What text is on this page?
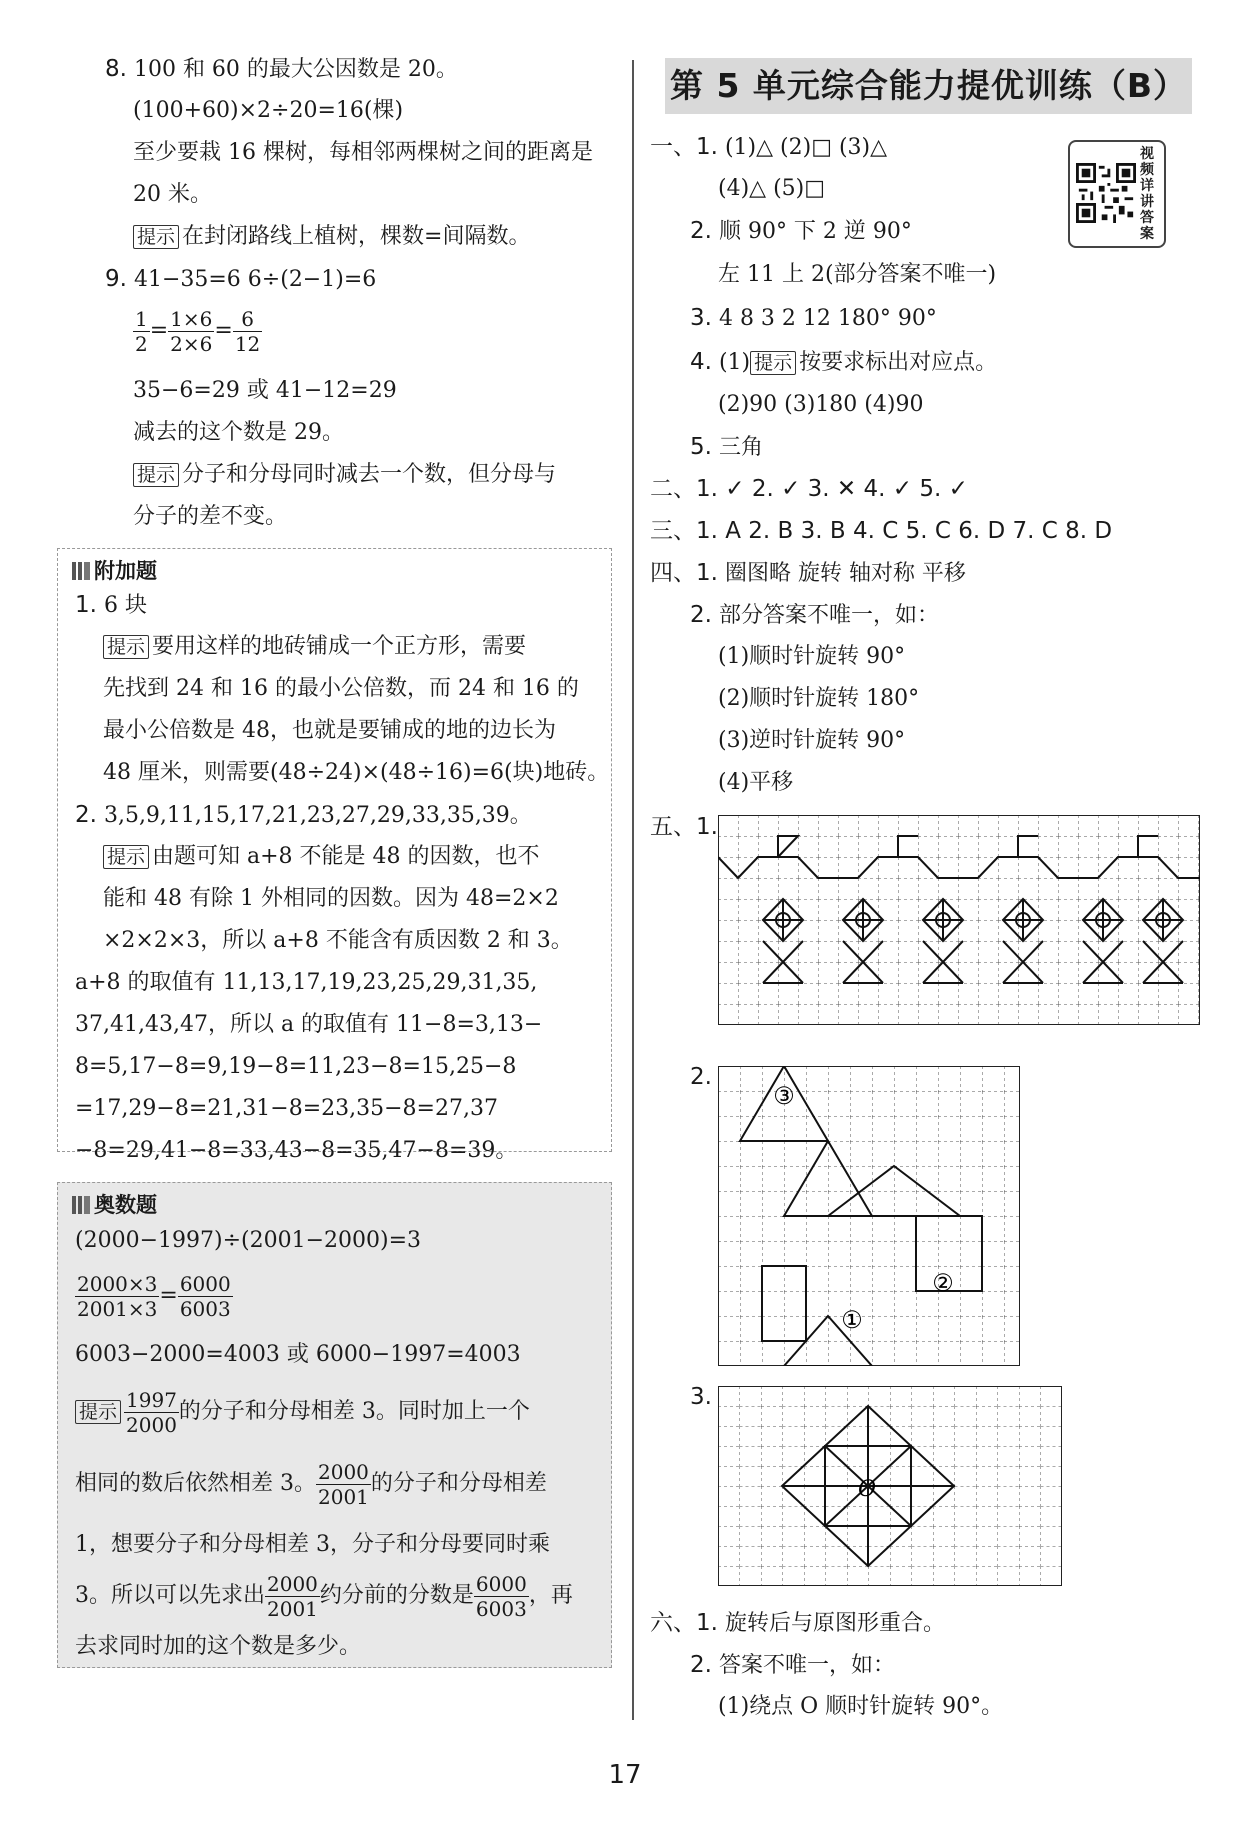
8. 100 和 60 的最大公因数是 20。
(100+60)×2÷20=16(棵)
至少要栽 16 棵树，每相邻两棵树之间的距离是
20 米。
提示 在封闭路线上植树，棵数=间隔数。
9. 41−35=6 6÷(2−1)=6
$\frac{1}{2} = \frac{1\times 6}{2\times 6} = \frac{6}{12}$
35−6=29 或 41−12=29
减去的这个数是 29。
提示 分子和分母同时减去一个数，但分母与
分子的差不变。
附加题
1. 6 块
提示 要用这样的地砖铺成一个正方形，需要
先找到 24 和 16 的最小公倍数，而 24 和 16 的
最小公倍数是 48，也就是要铺成的地的边长为
48 厘米，则需要(48÷24)×(48÷16)=6(块)地砖。
2. 3,5,9,11,15,17,21,23,27,29,33,35,39。
提示 由题可知 a+8 不能是 48 的因数，也不
能和 48 有除 1 外相同的因数。因为 48=2×2
×2×2×3，所以 a+8 不能含有质因数 2 和 3。
a+8 的取值有 11,13,17,19,23,25,29,31,35,
37,41,43,47，所以 a 的取值有 11−8=3,13−
8=5,17−8=9,19−8=11,23−8=15,25−8
=17,29−8=21,31−8=23,35−8=27,37
−8=29,41−8=33,43−8=35,47−8=39。
奥数题
(2000−1997)÷(2001−2000)=3
$\frac{2000\times 3}{2001\times 3} = \frac{6000}{6003}$
6003−2000=4003 或 6000−1997=4003
提示 $\frac{1997}{2000}$ 的分子和分母相差 3。同时加上一个
相同的数后依然相差 3。 $\frac{2000}{2001}$ 的分子和分母相差
1，想要分子和分母相差 3，分子和分母要同时乘
3。所以可以先求出 $\frac{2000}{2001}$ 约分前的分数是 $\frac{6000}{6003}$ ，再
去求同时加的这个数是多少。
第 5 单元综合能力提优训练（B）
视频详讲答案
一、1. (1)△ (2)□ (3)△
(4)△ (5)□
2. 顺 90° 下 2 逆 90°
左 11 上 2(部分答案不唯一)
3. 4 8 3 2 12 180° 90°
4. (1) 提示 按要求标出对应点。
(2)90 (3)180 (4)90
5. 三角
二、1. ✓ 2. ✓ 3. ✕ 4. ✓ 5. ✓
三、1. A 2. B 3. B 4. C 5. C 6. D 7. C 8. D
四、1. 圈图略 旋转 轴对称 平移
2. 部分答案不唯一，如：
(1)顺时针旋转 90°
(2)顺时针旋转 180°
(3)逆时针旋转 90°
(4)平移
五、1.
2.
③
②
①
3.
O
六、1. 旋转后与原图形重合。
2. 答案不唯一，如：
(1)绕点 O 顺时针旋转 90°。
17
